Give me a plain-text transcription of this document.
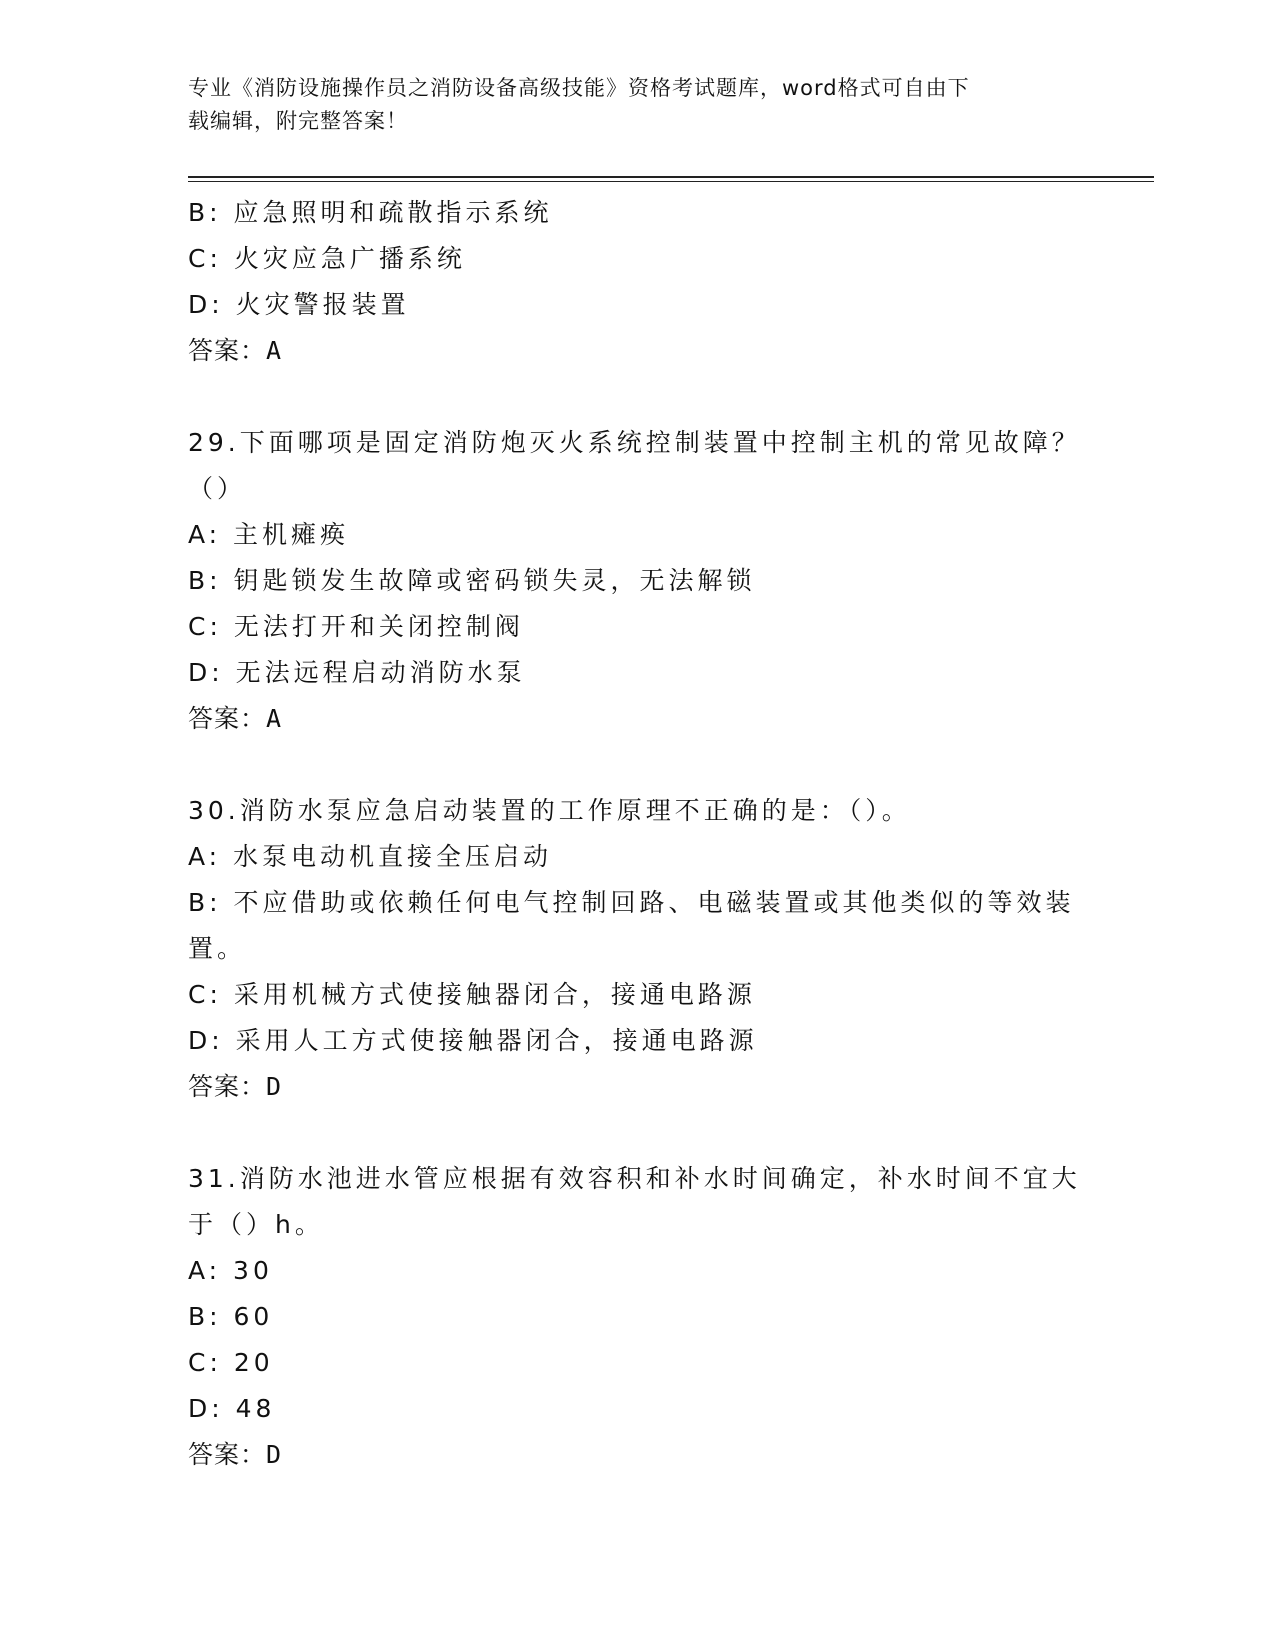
专业《消防设施操作员之消防设备高级技能》资格考试题库，word格式可自由下
载编辑，附完整答案！
B: 应急照明和疏散指示系统
C: 火灾应急广播系统
D: 火灾警报装置
答案：A
29.下面哪项是固定消防炮灭火系统控制装置中控制主机的常见故障？
（）
A: 主机瘫痪
B: 钥匙锁发生故障或密码锁失灵，无法解锁
C: 无法打开和关闭控制阀
D: 无法远程启动消防水泵
答案：A
30.消防水泵应急启动装置的工作原理不正确的是：（）。
A: 水泵电动机直接全压启动
B: 不应借助或依赖任何电气控制回路、电磁装置或其他类似的等效装
置。
C: 采用机械方式使接触器闭合，接通电路源
D: 采用人工方式使接触器闭合，接通电路源
答案：D
31.消防水池进水管应根据有效容积和补水时间确定，补水时间不宜大
于（）h。
A: 30
B: 60
C: 20
D: 48
答案：D
